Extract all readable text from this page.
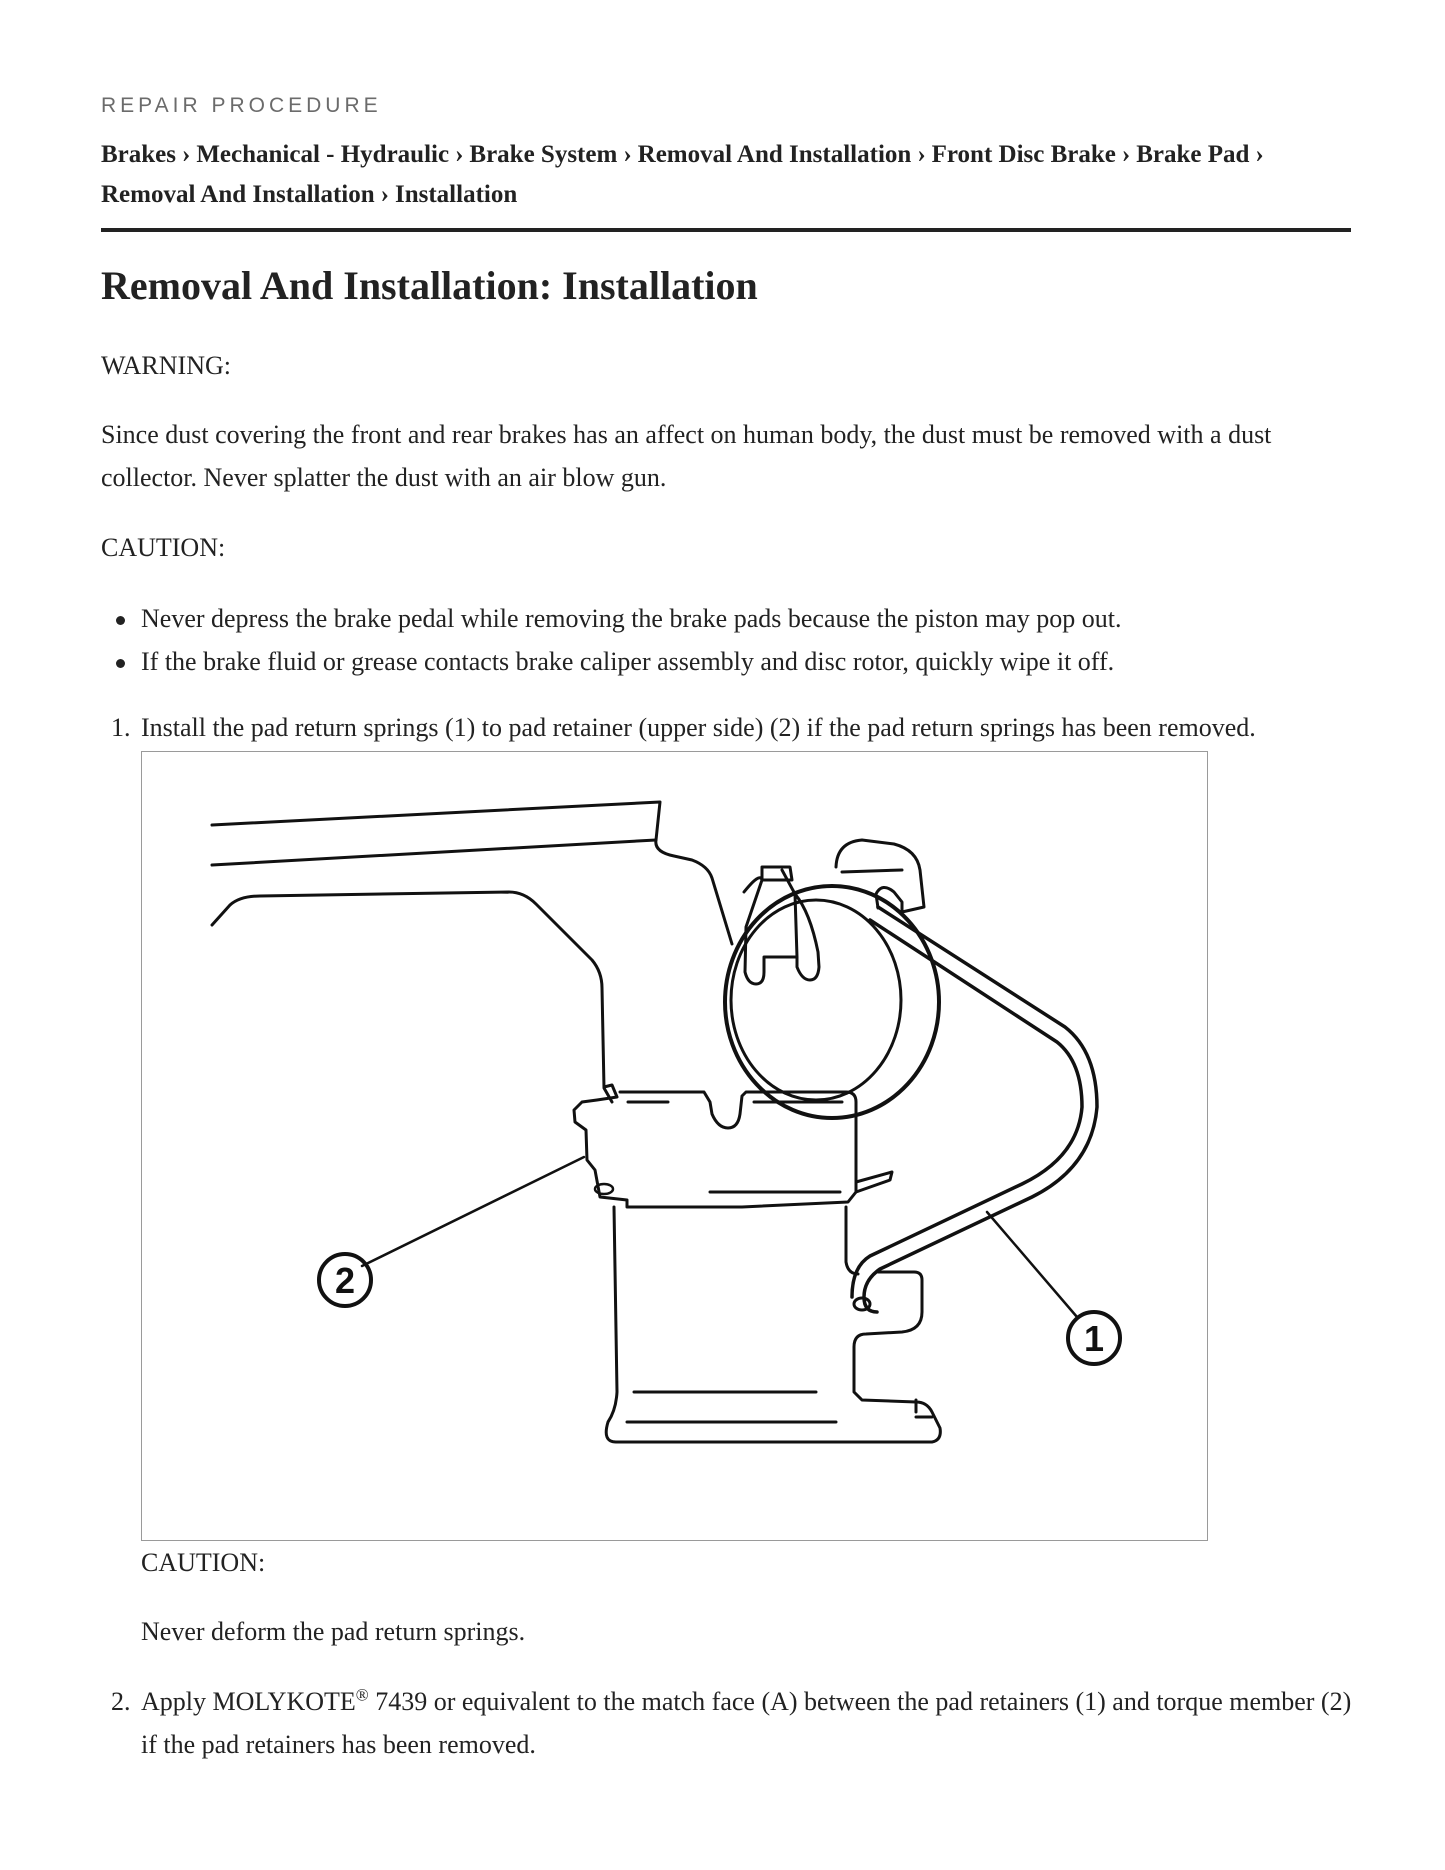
REPAIR PROCEDURE
Brakes › Mechanical - Hydraulic › Brake System › Removal And Installation › Front Disc Brake › Brake Pad ›
Removal And Installation › Installation
Removal And Installation: Installation

WARNING:

Since dust covering the front and rear brakes has an affect on human body, the dust must be removed with a dust collector. Never splatter the dust with an air blow gun.

CAUTION:

Never depress the brake pedal while removing the brake pads because the piston may pop out.
If the brake fluid or grease contacts brake caliper assembly and disc rotor, quickly wipe it off.
1. Install the pad return springs (1) to pad retainer (upper side) (2) if the pad return springs has been removed.

CAUTION:

Never deform the pad return springs.

2. Apply MOLYKOTE® 7439 or equivalent to the match face (A) between the pad retainers (1) and torque member (2) if the pad retainers has been removed.
2
1
